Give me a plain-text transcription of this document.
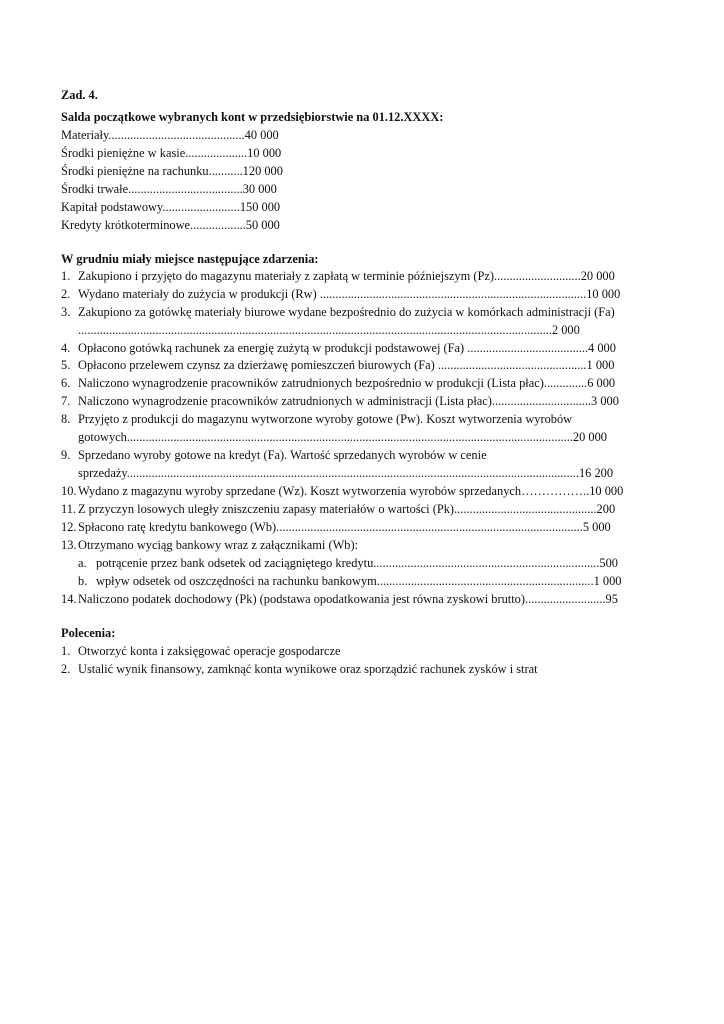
Zad. 4.
Salda początkowe wybranych kont w przedsiębiorstwie na 01.12.XXXX:
Materiały............................................40 000
Środki pieniężne w kasie....................10 000
Środki pieniężne na rachunku...........120 000
Środki trwałe.....................................30 000
Kapitał podstawowy.........................150 000
Kredyty krótkoterminowe..................50 000
W grudniu miały miejsce następujące zdarzenia:
1. Zakupiono i przyjęto do magazynu materiały z zapłatą w terminie późniejszym (Pz)............................20 000
2. Wydano materiały do zużycia w produkcji (Rw) ......................................................................................10 000
3. Zakupiono za gotówkę materiały biurowe wydane bezpośrednio do zużycia w komórkach administracji (Fa)
.........................................................................................................................................................2 000
4. Opłacono gotówką rachunek za energię zużytą w produkcji podstawowej (Fa) .......................................4 000
5. Opłacono przelewem czynsz za dzierżawę pomieszczeń biurowych (Fa) ................................................1 000
6. Naliczono wynagrodzenie pracowników zatrudnionych bezpośrednio w produkcji (Lista płac)..............6 000
7. Naliczono wynagrodzenie pracowników zatrudnionych w administracji (Lista płac)................................3 000
8. Przyjęto z produkcji do magazynu wytworzone wyroby gotowe (Pw). Koszt wytworzenia wyrobów
gotowych................................................................................................................................................20 000
9. Sprzedano wyroby gotowe na kredyt (Fa). Wartość sprzedanych wyrobów w cenie
sprzedaży..................................................................................................................................................16 200
10. Wydano z magazynu wyroby sprzedane (Wz). Koszt wytworzenia wyrobów sprzedanych……………..10 000
11. Z przyczyn losowych uległy zniszczeniu zapasy materiałów o wartości (Pk)..............................................200
12. Spłacono ratę kredytu bankowego (Wb)...................................................................................................5 000
13. Otrzymano wyciąg bankowy wraz z załącznikami (Wb):
a. potrącenie przez bank odsetek od zaciągniętego kredytu.........................................................................500
b. wpływ odsetek od oszczędności na rachunku bankowym......................................................................1 000
14. Naliczono podatek dochodowy (Pk) (podstawa opodatkowania jest równa zyskowi brutto)..........................95
Polecenia:
1. Otworzyć konta i zaksięgować operacje gospodarcze
2. Ustalić wynik finansowy, zamknąć konta wynikowe oraz sporządzić rachunek zysków i strat
